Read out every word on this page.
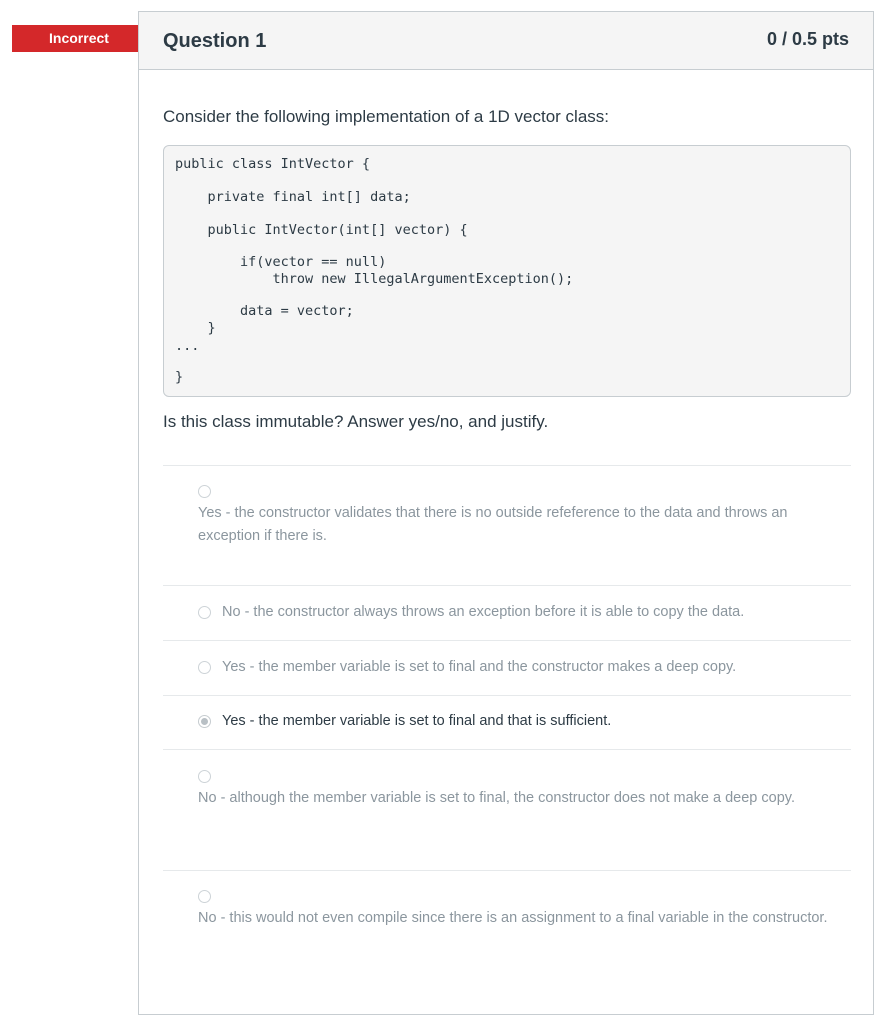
Incorrect	Question 1	0 / 0.5 pts
Consider the following implementation of a 1D vector class:
public class IntVector {
private final int[] data;
public IntVector(int[] vector) {
if(vector == null)
throw new IllegalArgumentException();
data = vector;
}
...
}
Is this class immutable? Answer yes/no, and justify.
Yes - the constructor validates that there is no outside refeference to the data and throws an exception if there is.
No - the constructor always throws an exception before it is able to copy the data.
Yes - the member variable is set to final and the constructor makes a deep copy.
Yes - the member variable is set to final and that is sufficient.
No - although the member variable is set to final, the constructor does not make a deep copy.
No - this would not even compile since there is an assignment to a final variable in the constructor.
